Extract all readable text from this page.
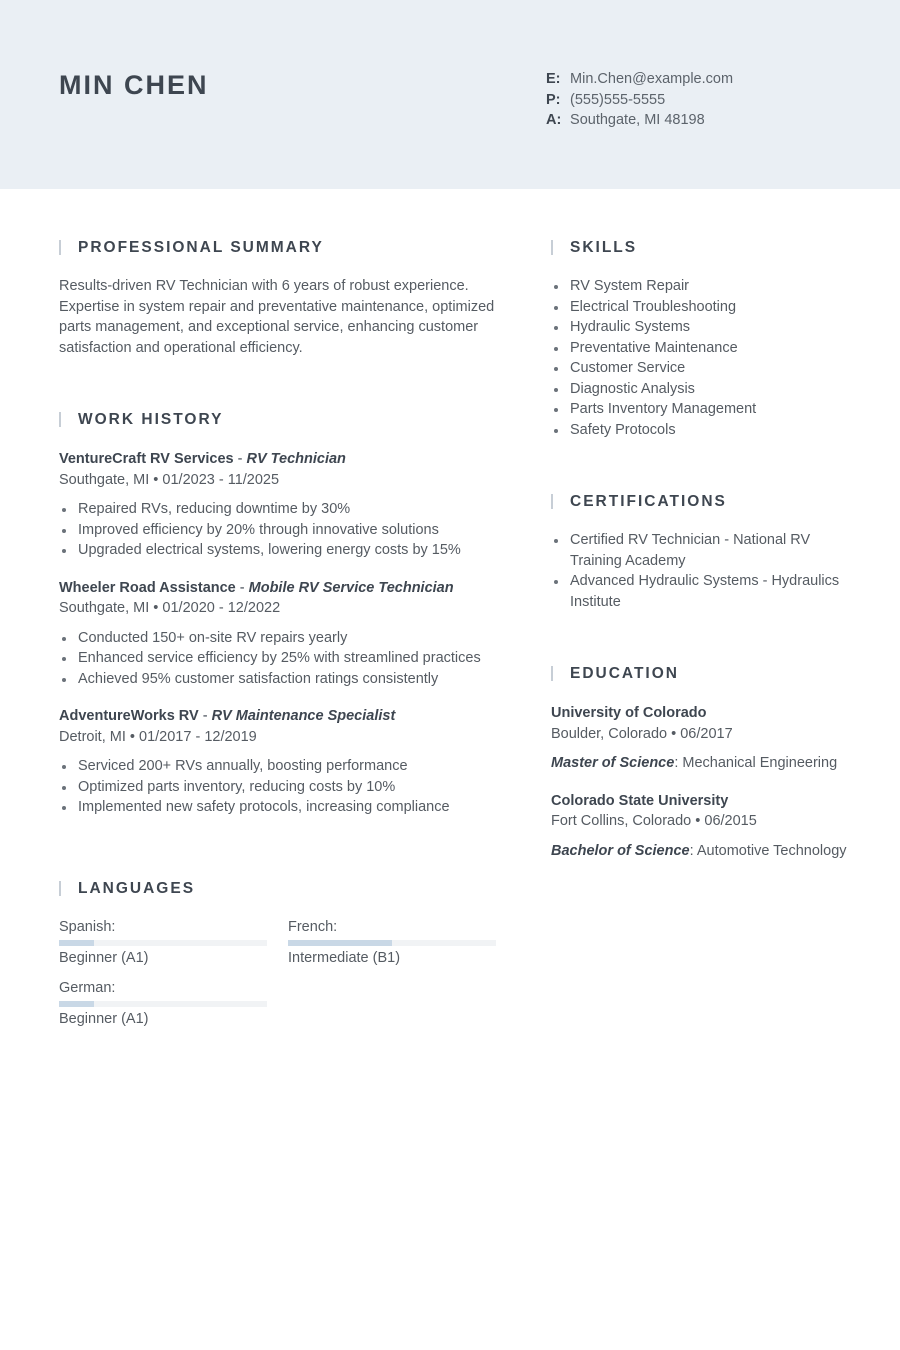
MIN CHEN	E: Min.Chen@example.com
P: (555)555-5555
A: Southgate, MI 48198
PROFESSIONAL SUMMARY

Results-driven RV Technician with 6 years of robust experience. Expertise in system repair and preventative maintenance, optimized parts management, and exceptional service, enhancing customer satisfaction and operational efficiency.

WORK HISTORY
VentureCraft RV Services - RV Technician
Southgate, MI • 01/2023 - 11/2025
Repaired RVs, reducing downtime by 30%
Improved efficiency by 20% through innovative solutions
Upgraded electrical systems, lowering energy costs by 15%
Wheeler Road Assistance - Mobile RV Service Technician
Southgate, MI • 01/2020 - 12/2022
Conducted 150+ on-site RV repairs yearly
Enhanced service efficiency by 25% with streamlined practices
Achieved 95% customer satisfaction ratings consistently
AdventureWorks RV - RV Maintenance Specialist
Detroit, MI • 01/2017 - 12/2019
Serviced 200+ RVs annually, boosting performance
Optimized parts inventory, reducing costs by 10%
Implemented new safety protocols, increasing compliance
LANGUAGES
Spanish:
Beginner (A1)
French:
Intermediate (B1)
German:
Beginner (A1)
SKILLS
RV System Repair
Electrical Troubleshooting
Hydraulic Systems
Preventative Maintenance
Customer Service
Diagnostic Analysis
Parts Inventory Management
Safety Protocols
CERTIFICATIONS
Certified RV Technician - National RV Training Academy
Advanced Hydraulic Systems - Hydraulics Institute
EDUCATION
University of Colorado
Boulder, Colorado • 06/2017
Master of Science: Mechanical Engineering
Colorado State University
Fort Collins, Colorado • 06/2015
Bachelor of Science: Automotive Technology
